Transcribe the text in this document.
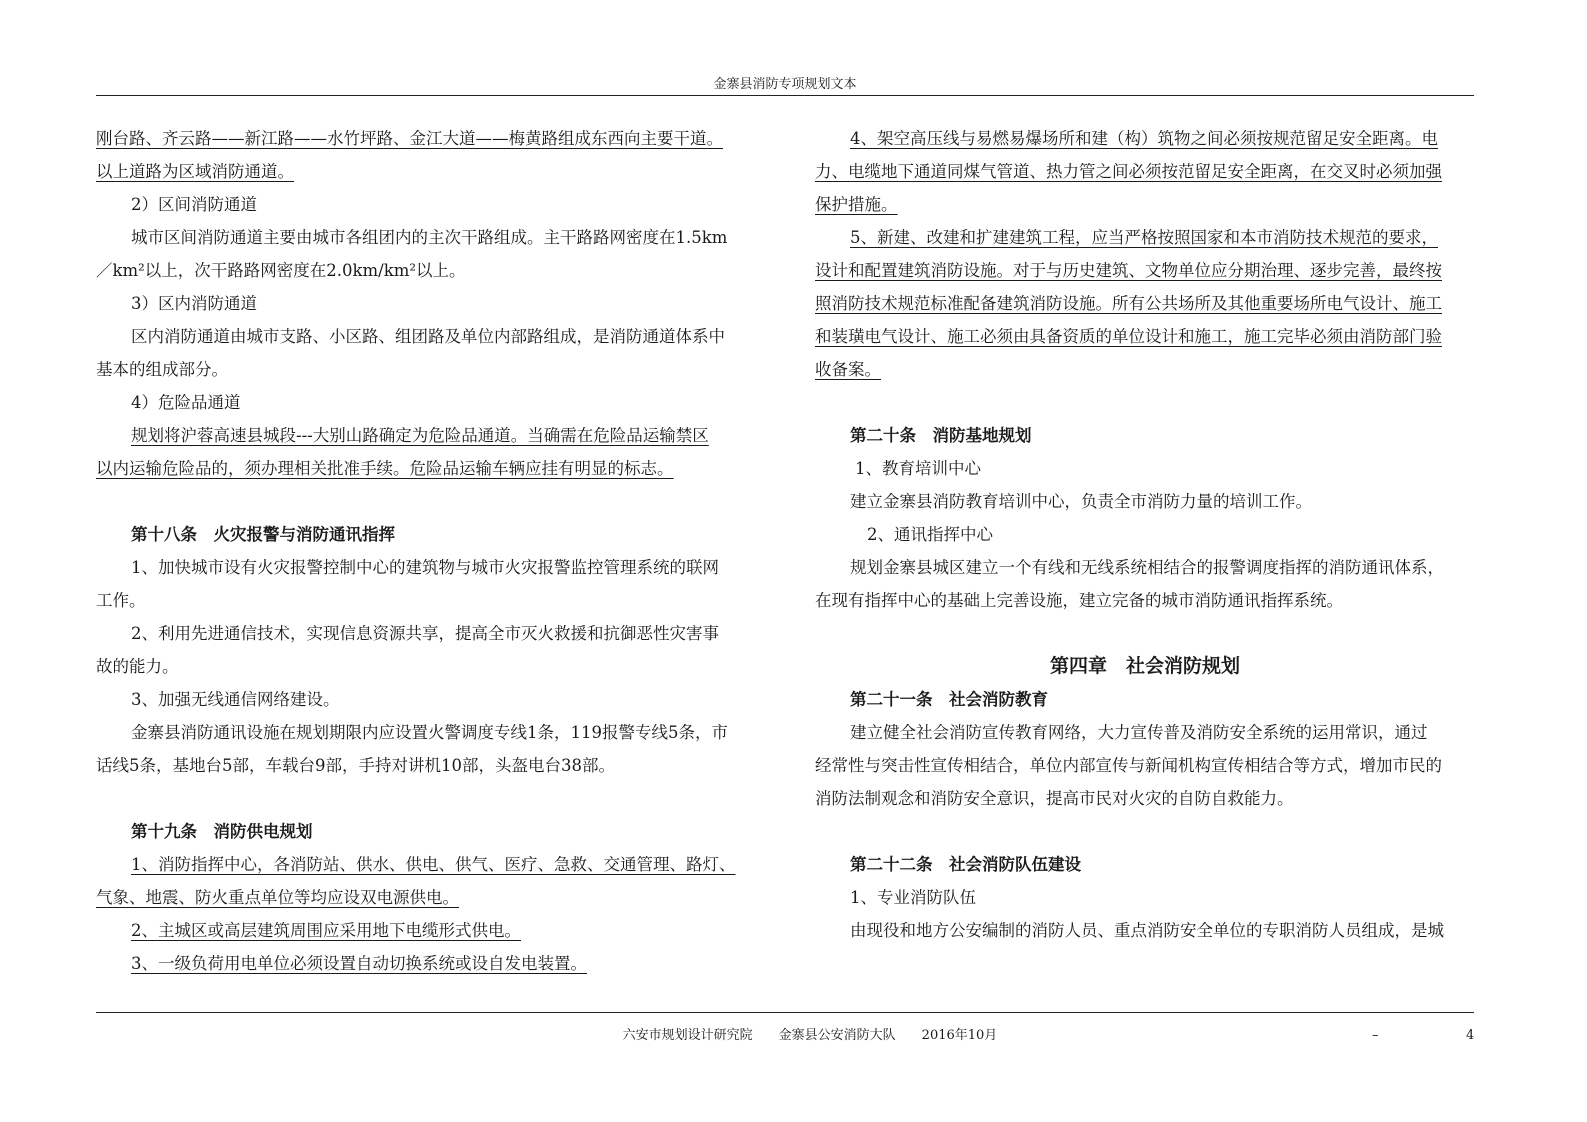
金寨县消防专项规划文本

刚台路、齐云路——新江路——水竹坪路、金江大道——梅黄路组成东西向主要干道。

以上道路为区域消防通道。

2）区间消防通道

城市区间消防通道主要由城市各组团内的主次干路组成。主干路路网密度在1.5km

／km²以上，次干路路网密度在2.0km/km²以上。

3）区内消防通道

区内消防通道由城市支路、小区路、组团路及单位内部路组成，是消防通道体系中

基本的组成部分。

4）危险品通道

规划将沪蓉高速县城段---大别山路确定为危险品通道。当确需在危险品运输禁区

以内运输危险品的，须办理相关批准手续。危险品运输车辆应挂有明显的标志。

第十八条　火灾报警与消防通讯指挥

1、加快城市设有火灾报警控制中心的建筑物与城市火灾报警监控管理系统的联网

工作。

2、利用先进通信技术，实现信息资源共享，提高全市灭火救援和抗御恶性灾害事

故的能力。

3、加强无线通信网络建设。

金寨县消防通讯设施在规划期限内应设置火警调度专线1条，119报警专线5条，市

话线5条，基地台5部，车载台9部，手持对讲机10部，头盔电台38部。

第十九条　消防供电规划

1、消防指挥中心，各消防站、供水、供电、供气、医疗、急救、交通管理、路灯、

气象、地震、防火重点单位等均应设双电源供电。

2、主城区或高层建筑周围应采用地下电缆形式供电。

3、一级负荷用电单位必须设置自动切换系统或设自发电装置。

4、架空高压线与易燃易爆场所和建（构）筑物之间必须按规范留足安全距离。电

力、电缆地下通道同煤气管道、热力管之间必须按范留足安全距离，在交叉时必须加强

保护措施。

5、新建、改建和扩建建筑工程，应当严格按照国家和本市消防技术规范的要求，

设计和配置建筑消防设施。对于与历史建筑、文物单位应分期治理、逐步完善，最终按

照消防技术规范标准配备建筑消防设施。所有公共场所及其他重要场所电气设计、施工

和装璜电气设计、施工必须由具备资质的单位设计和施工，施工完毕必须由消防部门验

收备案。

第二十条　消防基地规划

1、教育培训中心

建立金寨县消防教育培训中心，负责全市消防力量的培训工作。

2、通讯指挥中心

规划金寨县城区建立一个有线和无线系统相结合的报警调度指挥的消防通讯体系，

在现有指挥中心的基础上完善设施，建立完备的城市消防通讯指挥系统。

第四章　社会消防规划

第二十一条　社会消防教育

建立健全社会消防宣传教育网络，大力宣传普及消防安全系统的运用常识，通过

经常性与突击性宣传相结合，单位内部宣传与新闻机构宣传相结合等方式，增加市民的

消防法制观念和消防安全意识，提高市民对火灾的自防自救能力。

第二十二条　社会消防队伍建设

1、专业消防队伍

由现役和地方公安编制的消防人员、重点消防安全单位的专职消防人员组成，是城

六安市规划设计研究院　　金寨县公安消防大队　　2016年10月	–	4
